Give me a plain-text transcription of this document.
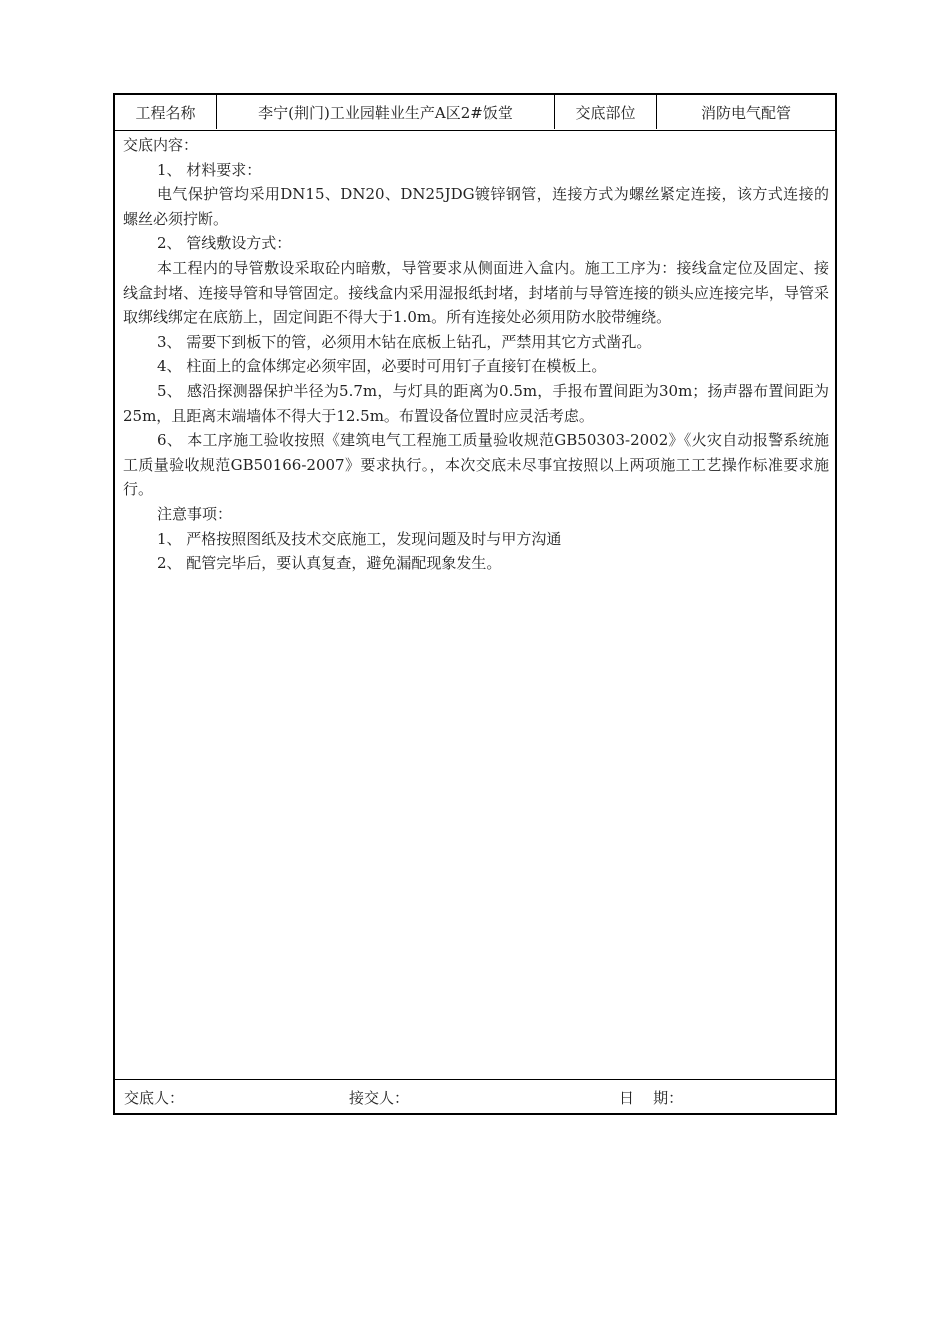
工程名称	李宁(荆门)工业园鞋业生产A区2#饭堂	交底部位	消防电气配管

交底内容：

1、 材料要求：

电气保护管均采用DN15、DN20、DN25JDG镀锌钢管，连接方式为螺丝紧定连接，该方式连接的螺丝必须拧断。

2、 管线敷设方式：

本工程内的导管敷设采取砼内暗敷，导管要求从侧面进入盒内。施工工序为：接线盒定位及固定、接线盒封堵、连接导管和导管固定。接线盒内采用湿报纸封堵，封堵前与导管连接的锁头应连接完毕，导管采取绑线绑定在底筋上，固定间距不得大于1.0m。所有连接处必须用防水胶带缠绕。

3、 需要下到板下的管，必须用木钻在底板上钻孔，严禁用其它方式凿孔。

4、 柱面上的盒体绑定必须牢固，必要时可用钉子直接钉在模板上。

5、 感沿探测器保护半径为5.7m，与灯具的距离为0.5m，手报布置间距为30m；扬声器布置间距为25m，且距离末端墙体不得大于12.5m。布置设备位置时应灵活考虑。

6、 本工序施工验收按照《建筑电气工程施工质量验收规范GB50303-2002》《火灾自动报警系统施工质量验收规范GB50166-2007》要求执行。，本次交底未尽事宜按照以上两项施工工艺操作标准要求施行。

注意事项：

1、 严格按照图纸及技术交底施工，发现问题及时与甲方沟通

2、 配管完毕后，要认真复查，避免漏配现象发生。

交底人：	接交人：	日    期：
